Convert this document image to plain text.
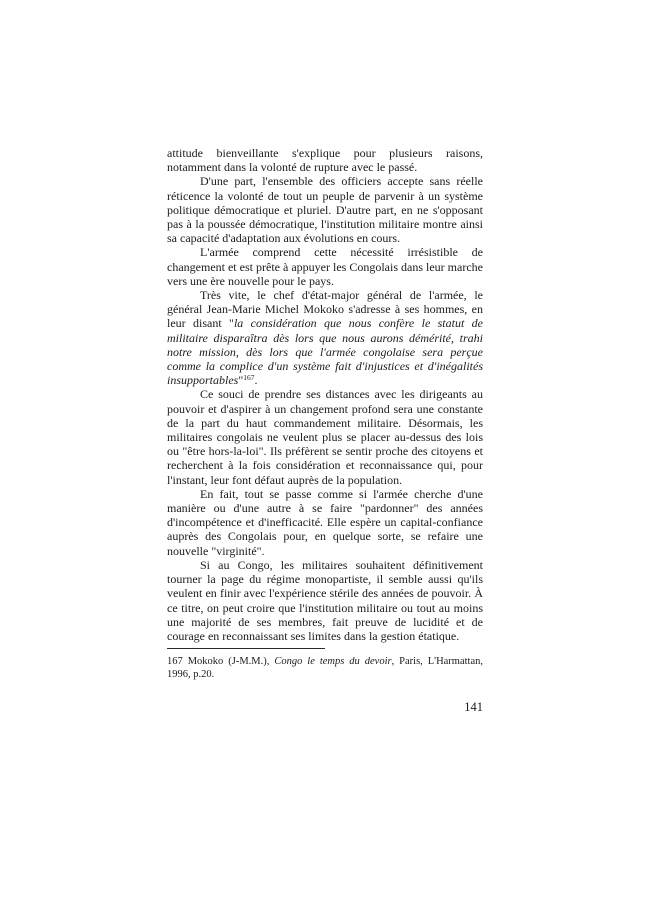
attitude bienveillante s'explique pour plusieurs raisons, notamment dans la volonté de rupture avec le passé.

D'une part, l'ensemble des officiers accepte sans réelle réticence la volonté de tout un peuple de parvenir à un système politique démocratique et pluriel. D'autre part, en ne s'opposant pas à la poussée démocratique, l'institution militaire montre ainsi sa capacité d'adaptation aux évolutions en cours.

L'armée comprend cette nécessité irrésistible de changement et est prête à appuyer les Congolais dans leur marche vers une ère nouvelle pour le pays.

Très vite, le chef d'état-major général de l'armée, le général Jean-Marie Michel Mokoko s'adresse à ses hommes, en leur disant "la considération que nous confère le statut de militaire disparaîtra dès lors que nous aurons démérité, trahi notre mission, dès lors que l'armée congolaise sera perçue comme la complice d'un système fait d'injustices et d'inégalités insupportables"$^{167}$.

Ce souci de prendre ses distances avec les dirigeants au pouvoir et d'aspirer à un changement profond sera une constante de la part du haut commandement militaire. Désormais, les militaires congolais ne veulent plus se placer au-dessus des lois ou "être hors-la-loi". Ils préfèrent se sentir proche des citoyens et recherchent à la fois considération et reconnaissance qui, pour l'instant, leur font défaut auprès de la population.

En fait, tout se passe comme si l'armée cherche d'une manière ou d'une autre à se faire "pardonner" des années d'incompétence et d'inefficacité. Elle espère un capital-confiance auprès des Congolais pour, en quelque sorte, se refaire une nouvelle "virginité".

Si au Congo, les militaires souhaitent définitivement tourner la page du régime monopartiste, il semble aussi qu'ils veulent en finir avec l'expérience stérile des années de pouvoir. À ce titre, on peut croire que l'institution militaire ou tout au moins une majorité de ses membres, fait preuve de lucidité et de courage en reconnaissant ses limites dans la gestion étatique.

167 Mokoko (J-M.M.), Congo le temps du devoir, Paris, L'Harmattan, 1996, p.20.

141
